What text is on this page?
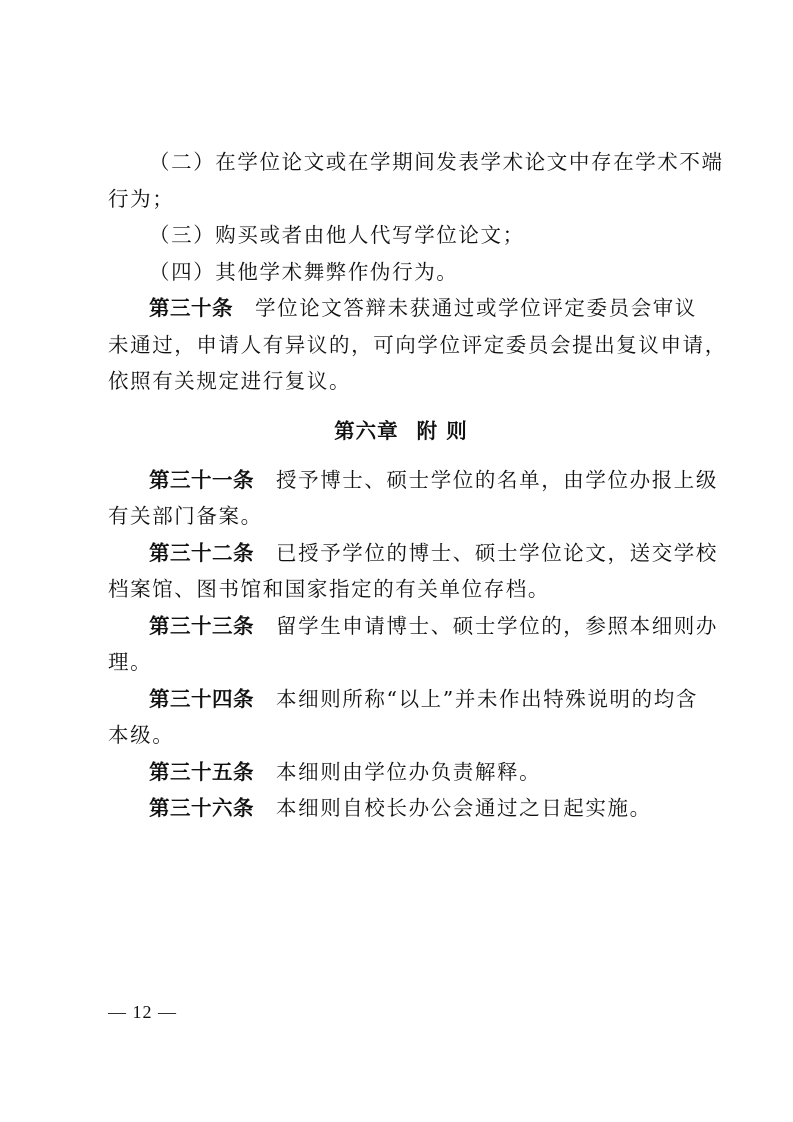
（二）在学位论文或在学期间发表学术论文中存在学术不端
行为；
（三）购买或者由他人代写学位论文；
（四）其他学术舞弊作伪行为。
第三十条 学位论文答辩未获通过或学位评定委员会审议
未通过，申请人有异议的，可向学位评定委员会提出复议申请，
依照有关规定进行复议。
第六章 附 则
第三十一条 授予博士、硕士学位的名单，由学位办报上级
有关部门备案。
第三十二条 已授予学位的博士、硕士学位论文，送交学校
档案馆、图书馆和国家指定的有关单位存档。
第三十三条 留学生申请博士、硕士学位的，参照本细则办
理。
第三十四条 本细则所称“以上”并未作出特殊说明的均含
本级。
第三十五条 本细则由学位办负责解释。
第三十六条 本细则自校长办公会通过之日起实施。
— 12 —
